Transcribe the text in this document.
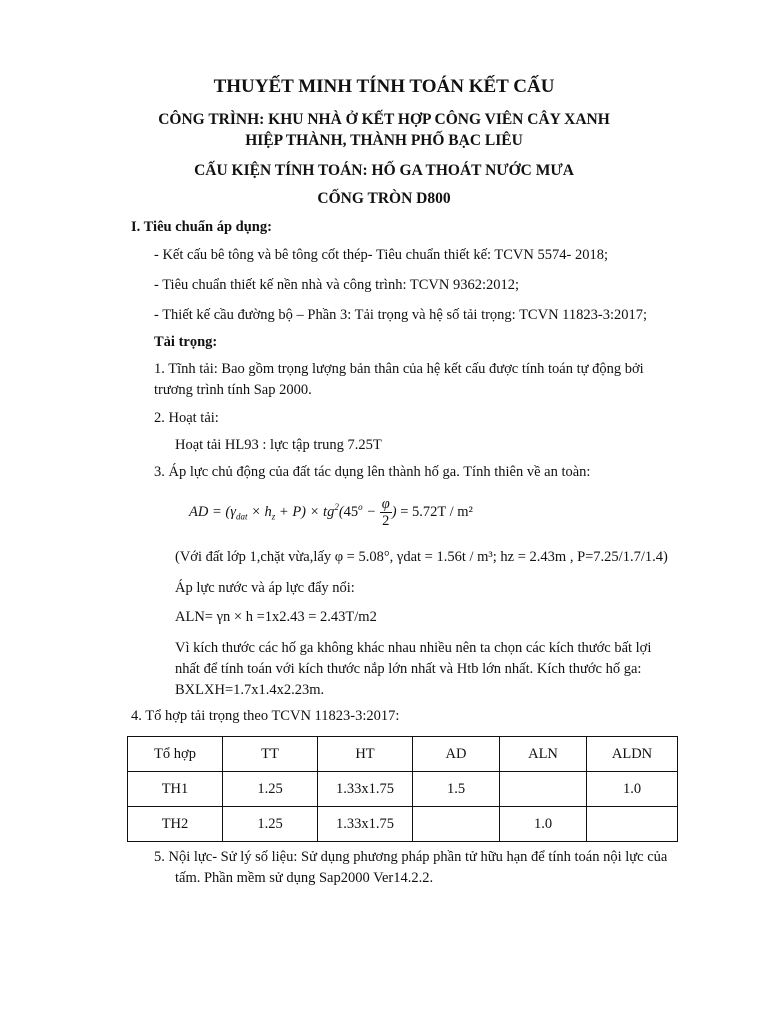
THUYẾT MINH TÍNH TOÁN KẾT CẤU
CÔNG TRÌNH: KHU NHÀ Ở KẾT HỢP CÔNG VIÊN CÂY XANH
HIỆP THÀNH, THÀNH PHỐ BẠC LIÊU
CẤU KIỆN TÍNH TOÁN: HỐ GA THOÁT NƯỚC MƯA
CỐNG TRÒN D800
I. Tiêu chuẩn áp dụng:
- Kết cấu bê tông và bê tông cốt thép- Tiêu chuẩn thiết kế: TCVN 5574- 2018;
- Tiêu chuẩn thiết kế nền nhà và công trình: TCVN 9362:2012;
- Thiết kế cầu đường bộ – Phần 3: Tải trọng và hệ số tải trọng: TCVN 11823-3:2017;
Tải trọng:
1. Tĩnh tải: Bao gồm trọng lượng bản thân của hệ kết cấu được tính toán tự động bởi
trương trình tính Sap 2000.
2. Hoạt tải:
Hoạt tải HL93 : lực tập trung 7.25T
3. Áp lực chủ động của đất tác dụng lên thành hố ga. Tính thiên về an toàn:
AD = $(\gamma_{dat} \times h_z + P) \times tg^2(45^o - \frac{\varphi}{2}$ ) = 5.72T / m²
(Với đất lớp 1,chặt vừa,lấy φ = 5.08°, γdat = 1.56t / m³; hz = 2.43m , P=7.25/1.7/1.4)
Áp lực nước và áp lực đẩy nổi:
ALN= γn × h =1x2.43 = 2.43T/m2
Vì kích thước các hố ga không khác nhau nhiều nên ta chọn các kích thước bất lợi
nhất để tính toán với kích thước nắp lớn nhất và Htb lớn nhất. Kích thước hố ga:
BXLXH=1.7x1.4x2.23m.
4. Tổ hợp tải trọng theo TCVN 11823-3:2017:
Tổ hợp	TT	HT	AD	ALN	ALDN
TH1	1.25	1.33x1.75	1.5		1.0
TH2	1.25	1.33x1.75		1.0	
5. Nội lực- Sử lý số liệu: Sử dụng phương pháp phần tử hữu hạn để tính toán nội lực của
tấm. Phần mềm sử dụng Sap2000 Ver14.2.2.
